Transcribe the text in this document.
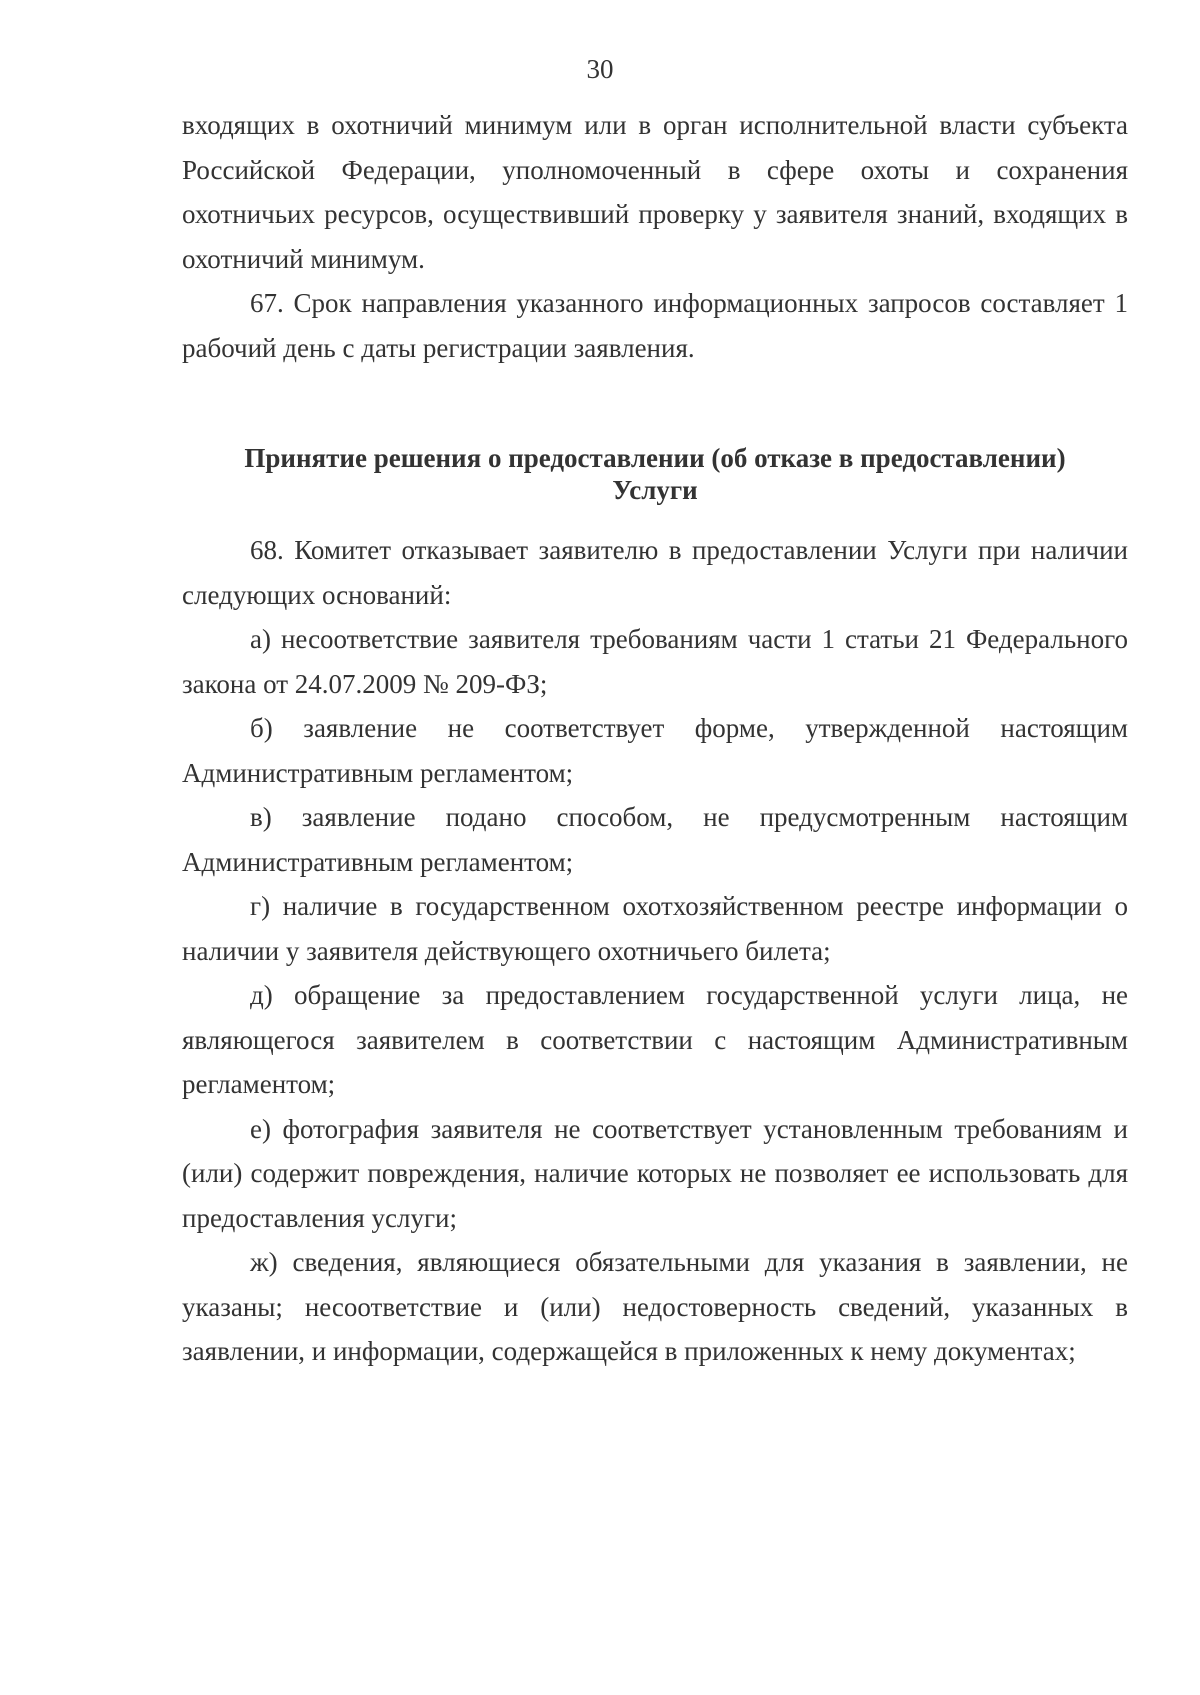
30

входящих в охотничий минимум или в орган исполнительной власти субъекта Российской Федерации, уполномоченный в сфере охоты и сохранения охотничьих ресурсов, осуществивший проверку у заявителя знаний, входящих в охотничий минимум.

67. Срок направления указанного информационных запросов составляет 1 рабочий день с даты регистрации заявления.

Принятие решения о предоставлении (об отказе в предоставлении)
Услуги

68. Комитет отказывает заявителю в предоставлении Услуги при наличии следующих оснований:

а) несоответствие заявителя требованиям части 1 статьи 21 Федерального закона от 24.07.2009 № 209-ФЗ;

б) заявление не соответствует форме, утвержденной настоящим Административным регламентом;

в) заявление подано способом, не предусмотренным настоящим Административным регламентом;

г) наличие в государственном охотхозяйственном реестре информации о наличии у заявителя действующего охотничьего билета;

д) обращение за предоставлением государственной услуги лица, не являющегося заявителем в соответствии с настоящим Административным регламентом;

е) фотография заявителя не соответствует установленным требованиям и (или) содержит повреждения, наличие которых не позволяет ее использовать для предоставления услуги;

ж) сведения, являющиеся обязательными для указания в заявлении, не указаны; несоответствие и (или) недостоверность сведений, указанных в заявлении, и информации, содержащейся в приложенных к нему документах;
